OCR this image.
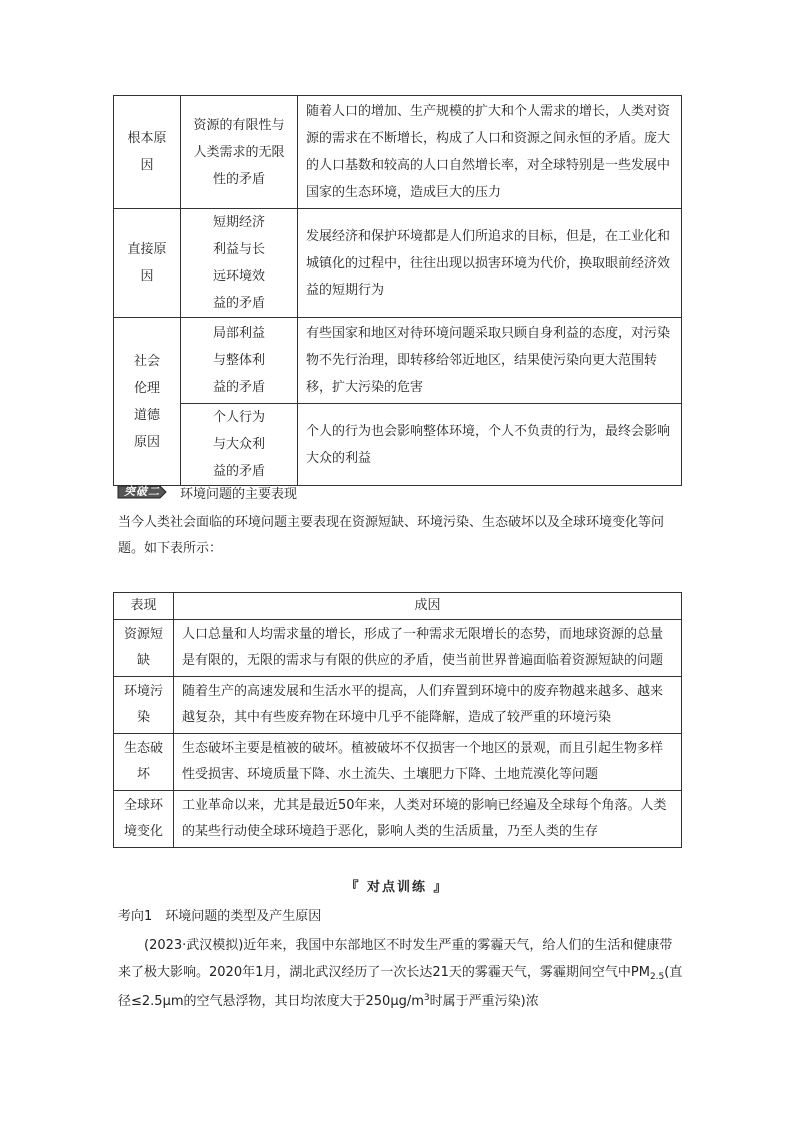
根本原
因	资源的有限性与
人类需求的无限
性的矛盾	随着人口的增加、生产规模的扩大和个人需求的增长，人类对资源的需求在不断增长，构成了人口和资源之间永恒的矛盾。庞大的人口基数和较高的人口自然增长率，对全球特别是一些发展中国家的生态环境，造成巨大的压力

直接原
因	短期经济
利益与长
远环境效
益的矛盾	发展经济和保护环境都是人们所追求的目标，但是，在工业化和城镇化的过程中，往往出现以损害环境为代价，换取眼前经济效益的短期行为

社会
伦理
道德
原因	局部利益
与整体利
益的矛盾	有些国家和地区对待环境问题采取只顾自身利益的态度，对污染物不先行治理，即转移给邻近地区，结果使污染向更大范围转移，扩大污染的危害

	个人行为
与大众利
益的矛盾	个人的行为也会影响整体环境，个人不负责的行为，最终会影响大众的利益
突破二	环境问题的主要表现
当今人类社会面临的环境问题主要表现在资源短缺、环境污染、生态破坏以及全球环境变化等问题。如下表所示：
表现	成因

资源短
缺	人口总量和人均需求量的增长，形成了一种需求无限增长的态势，而地球资源的总量是有限的，无限的需求与有限的供应的矛盾，使当前世界普遍面临着资源短缺的问题

环境污
染	随着生产的高速发展和生活水平的提高，人们弃置到环境中的废弃物越来越多、越来越复杂，其中有些废弃物在环境中几乎不能降解，造成了较严重的环境污染

生态破
坏	生态破坏主要是植被的破坏。植被破坏不仅损害一个地区的景观，而且引起生物多样性受损害、环境质量下降、水土流失、土壤肥力下降、土地荒漠化等问题

全球环
境变化	工业革命以来，尤其是最近50年来，人类对环境的影响已经遍及全球每个角落。人类的某些行动使全球环境趋于恶化，影响人类的生活质量，乃至人类的生存
『 对点训练 』
考向1　环境问题的类型及产生原因
(2023·武汉模拟)近年来，我国中东部地区不时发生严重的雾霾天气，给人们的生活和健康带来了极大影响。2020年1月，湖北武汉经历了一次长达21天的雾霾天气，雾霾期间空气中$PM_{2.5}$(直径≤2.5μm的空气悬浮物，其日均浓度大于$250\mu g/m^3$时属于严重污染)浓
